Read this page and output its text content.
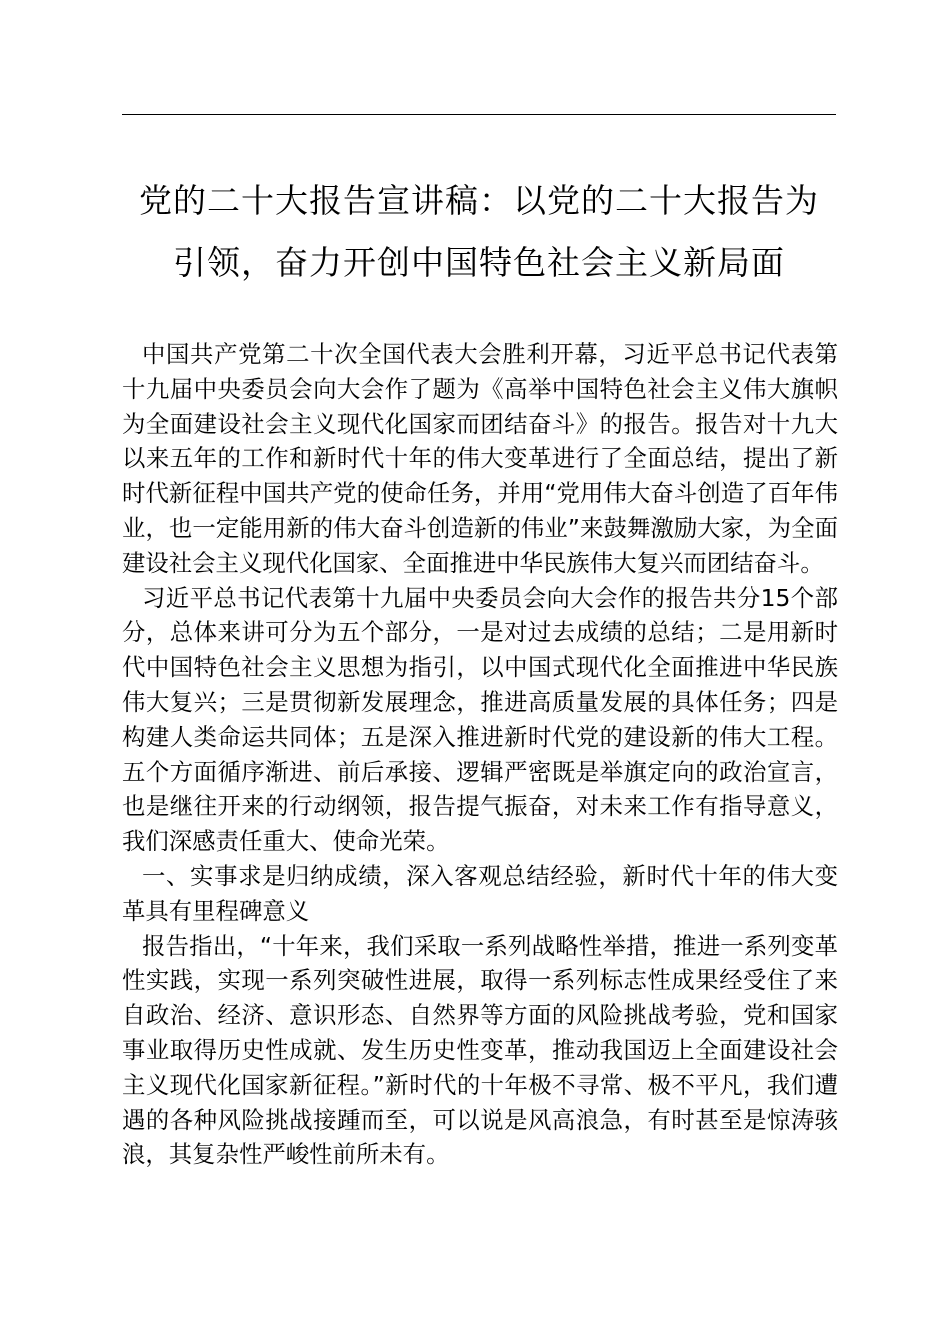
党的二十大报告宣讲稿：以党的二十大报告为
引领，奋力开创中国特色社会主义新局面

中国共产党第二十次全国代表大会胜利开幕，习近平总书记代表第十九届中央委员会向大会作了题为《高举中国特色社会主义伟大旗帜为全面建设社会主义现代化国家而团结奋斗》的报告。报告对十九大以来五年的工作和新时代十年的伟大变革进行了全面总结，提出了新时代新征程中国共产党的使命任务，并用“党用伟大奋斗创造了百年伟业，也一定能用新的伟大奋斗创造新的伟业”来鼓舞激励大家，为全面建设社会主义现代化国家、全面推进中华民族伟大复兴而团结奋斗。

习近平总书记代表第十九届中央委员会向大会作的报告共分15个部分，总体来讲可分为五个部分，一是对过去成绩的总结；二是用新时代中国特色社会主义思想为指引，以中国式现代化全面推进中华民族伟大复兴；三是贯彻新发展理念，推进高质量发展的具体任务；四是构建人类命运共同体；五是深入推进新时代党的建设新的伟大工程。五个方面循序渐进、前后承接、逻辑严密既是举旗定向的政治宣言，也是继往开来的行动纲领，报告提气振奋，对未来工作有指导意义，我们深感责任重大、使命光荣。

一、实事求是归纳成绩，深入客观总结经验，新时代十年的伟大变革具有里程碑意义

报告指出，“十年来，我们采取一系列战略性举措，推进一系列变革性实践，实现一系列突破性进展，取得一系列标志性成果经受住了来自政治、经济、意识形态、自然界等方面的风险挑战考验，党和国家事业取得历史性成就、发生历史性变革，推动我国迈上全面建设社会主义现代化国家新征程。”新时代的十年极不寻常、极不平凡，我们遭遇的各种风险挑战接踵而至，可以说是风高浪急，有时甚至是惊涛骇浪，其复杂性严峻性前所未有。
